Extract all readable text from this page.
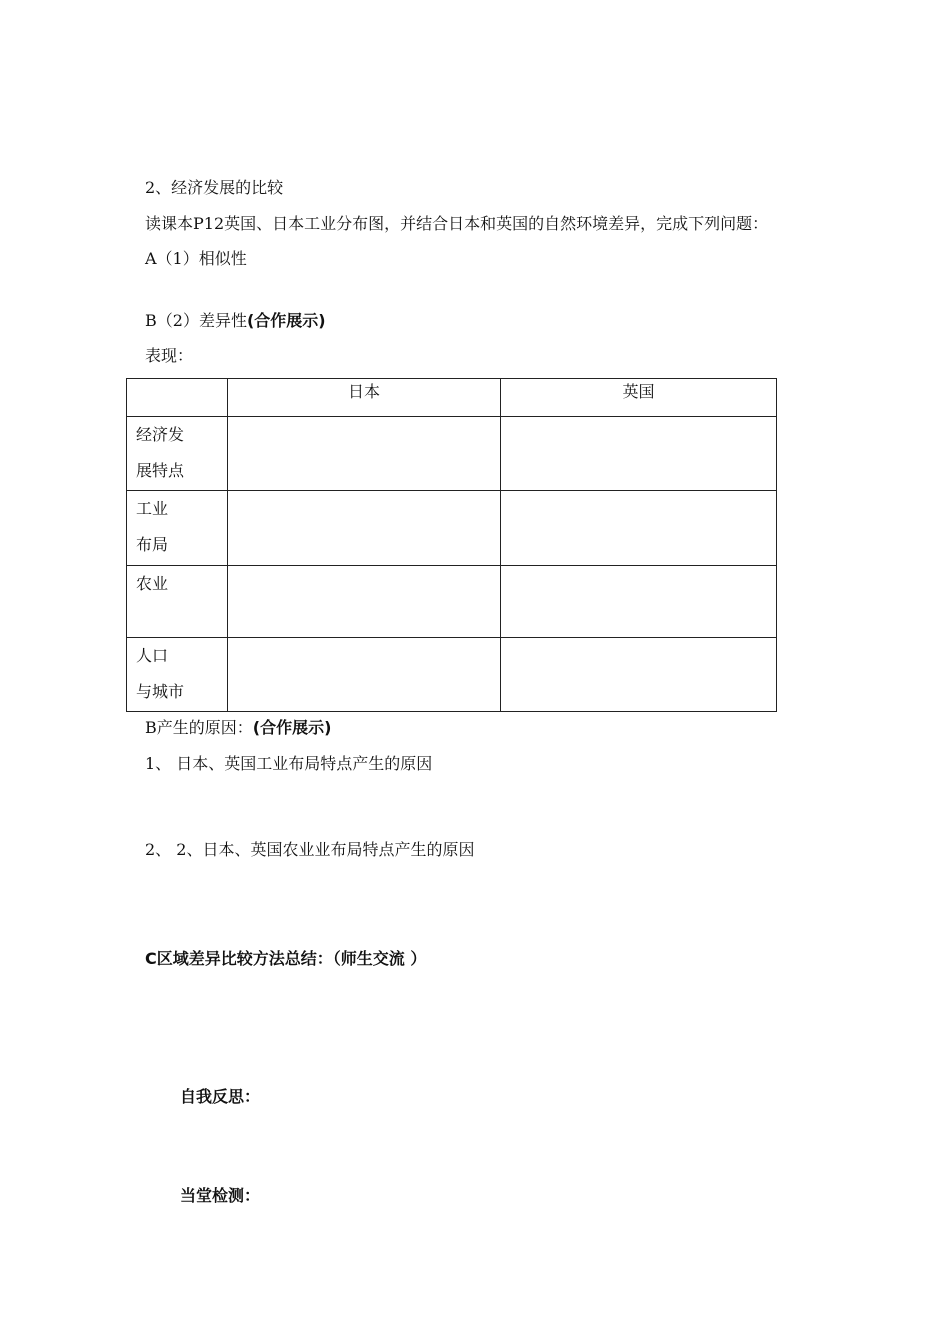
2、经济发展的比较
读课本P12英国、日本工业分布图，并结合日本和英国的自然环境差异，完成下列问题：
A（1）相似性
B（2）差异性(合作展示)
表现：
	日本	英国

经济发
展特点		

工业
布局		

农业		

人口
与城市		

B产生的原因：(合作展示)
1、 日本、英国工业布局特点产生的原因
2、 2、日本、英国农业业布局特点产生的原因
C区域差异比较方法总结：（师生交流 ）
自我反思：
当堂检测：
